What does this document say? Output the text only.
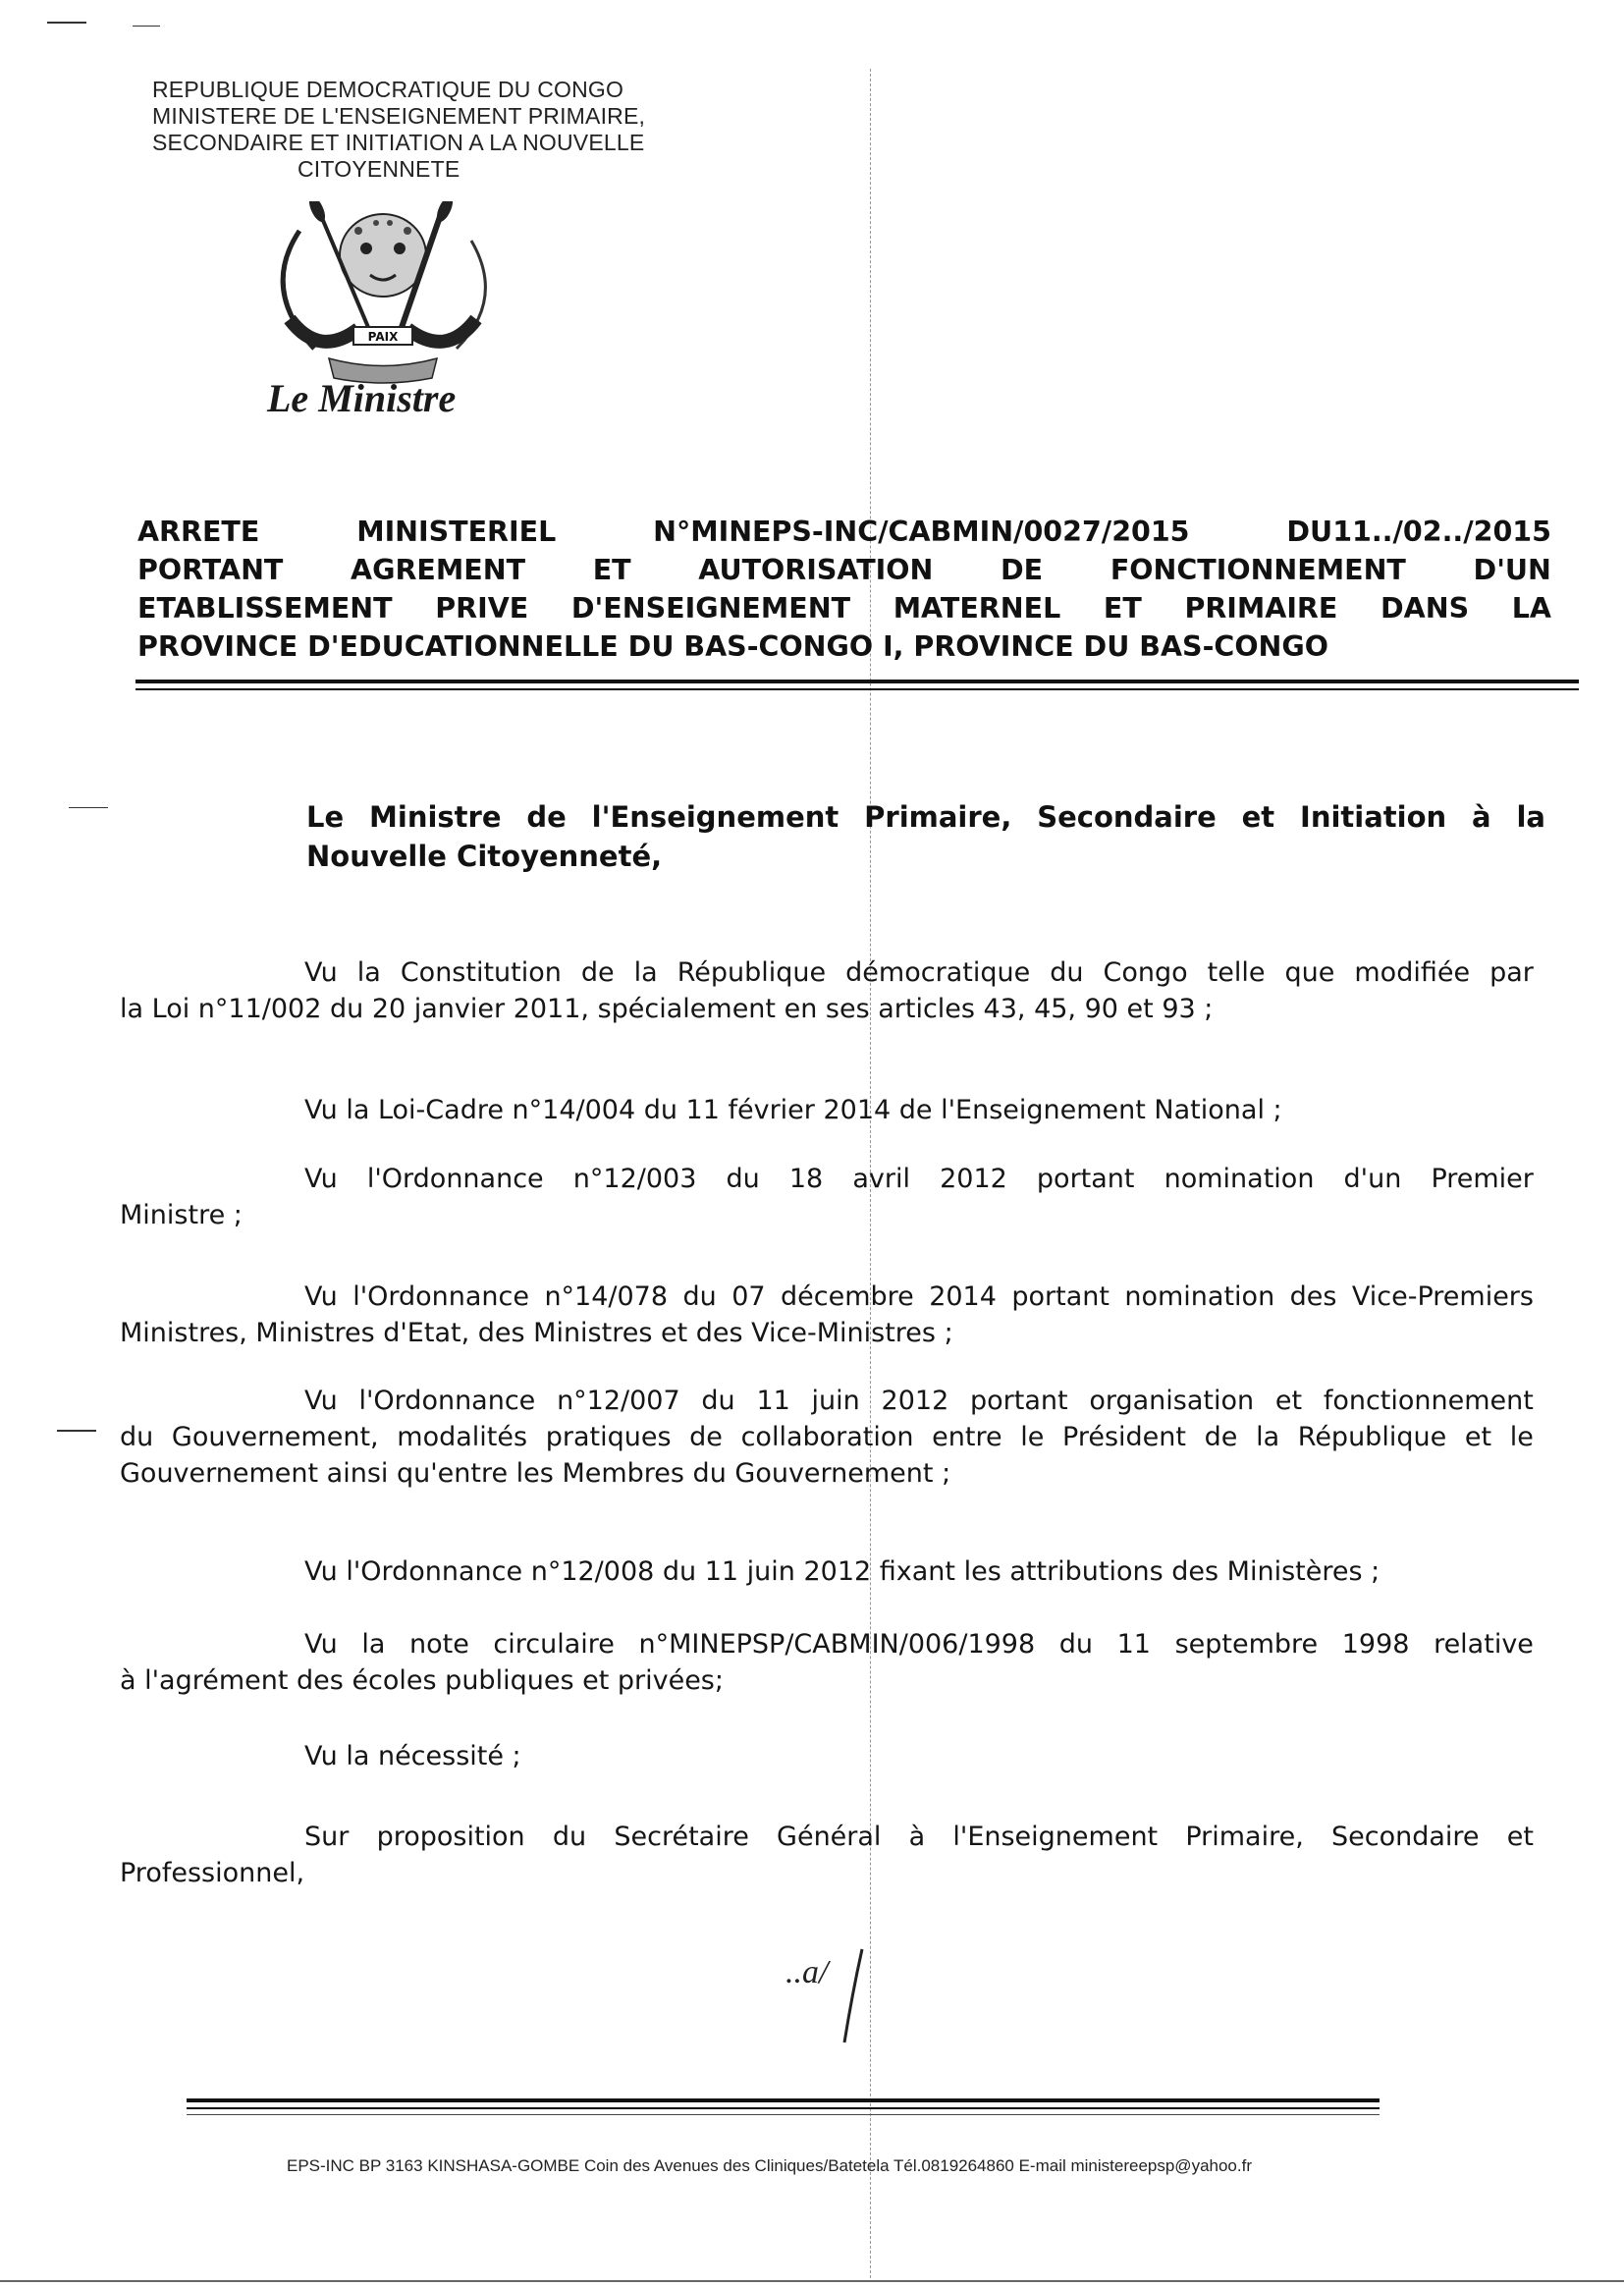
REPUBLIQUE DEMOCRATIQUE DU CONGO
MINISTERE DE L'ENSEIGNEMENT PRIMAIRE,
SECONDAIRE ET INITIATION A LA NOUVELLE
CITOYENNETE
PAIX
Le Ministre
ARRETE	MINISTERIEL	N°MINEPS-INC/CABMIN/0027/2015	DU11../02../2015
PORTANT AGREMENT ET AUTORISATION DE FONCTIONNEMENT D'UN
ETABLISSEMENT PRIVE D'ENSEIGNEMENT MATERNEL ET PRIMAIRE DANS LA
PROVINCE D'EDUCATIONNELLE DU BAS-CONGO I, PROVINCE DU BAS-CONGO
Le Ministre de l'Enseignement Primaire, Secondaire et Initiation à la
Nouvelle Citoyenneté,
Vu la Constitution de la République démocratique du Congo telle que modifiée par
la Loi n°11/002 du 20 janvier 2011, spécialement en ses articles 43, 45, 90 et 93 ;
Vu la Loi-Cadre n°14/004 du 11 février 2014 de l'Enseignement National ;
Vu l'Ordonnance n°12/003 du 18 avril 2012 portant nomination d'un Premier
Ministre ;
Vu l'Ordonnance n°14/078 du 07 décembre 2014 portant nomination des Vice-Premiers
Ministres, Ministres d'Etat, des Ministres et des Vice-Ministres ;
Vu l'Ordonnance n°12/007 du 11 juin 2012 portant organisation et fonctionnement
du Gouvernement, modalités pratiques de collaboration entre le Président de la République et le
Gouvernement ainsi qu'entre les Membres du Gouvernement ;
Vu l'Ordonnance n°12/008 du 11 juin 2012 fixant les attributions des Ministères ;
Vu la note circulaire n°MINEPSP/CABMIN/006/1998 du 11 septembre 1998 relative
à l'agrément des écoles publiques et privées;
Vu la nécessité ;
Sur proposition du Secrétaire Général à l'Enseignement Primaire, Secondaire et
Professionnel,
..a/
EPS-INC BP 3163 KINSHASA-GOMBE Coin des Avenues des Cliniques/Batetela Tél.0819264860 E-mail ministereepsp@yahoo.fr
